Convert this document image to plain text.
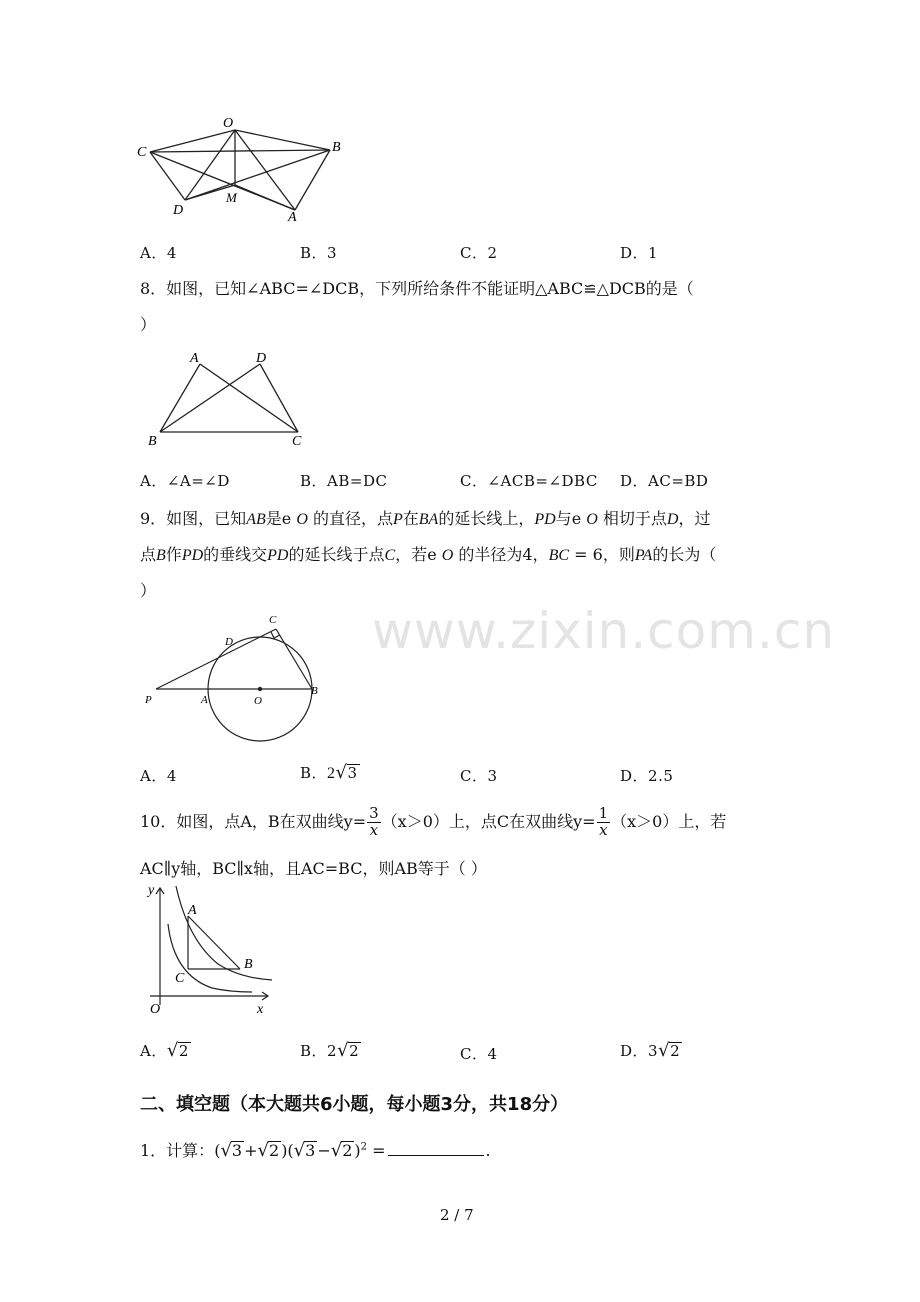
www.zixin.com.cn
O
C	B
D
M
A
A．4	B．3	C．2	D．1
8．如图，已知∠ABC=∠DCB，下列所给条件不能证明△ABC≌△DCB的是（
）
A	D
B	C
A．∠A=∠D	B．AB=DC	C．∠ACB=∠DBC D．AC=BD
9．如图，已知AB是e O 的直径，点P在BA的延长线上，PD与e O 相切于点D，过
点B作PD的垂线交PD的延长线于点C，若e O 的半径为4，BC = 6，则PA的长为（
）
C
D
P	A	O
B
A．4	B．2√3	C．3	D．2.5
10．如图，点A，B在双曲线$y= \frac{3}{x} (x>0)$上，点C在双曲线$y= \frac{1}{x} (x>0)$上，若
AC∥y轴，BC∥x轴，且AC=BC，则AB等于（ ）
y
A
B
C
O	x
A．√2	B．2√2	C．4	D．3√2
二、填空题（本大题共6小题，每小题3分，共18分）
1．计算：(√3 +√2 )(√3 −√2 )$^2$ =	.
2 / 7
